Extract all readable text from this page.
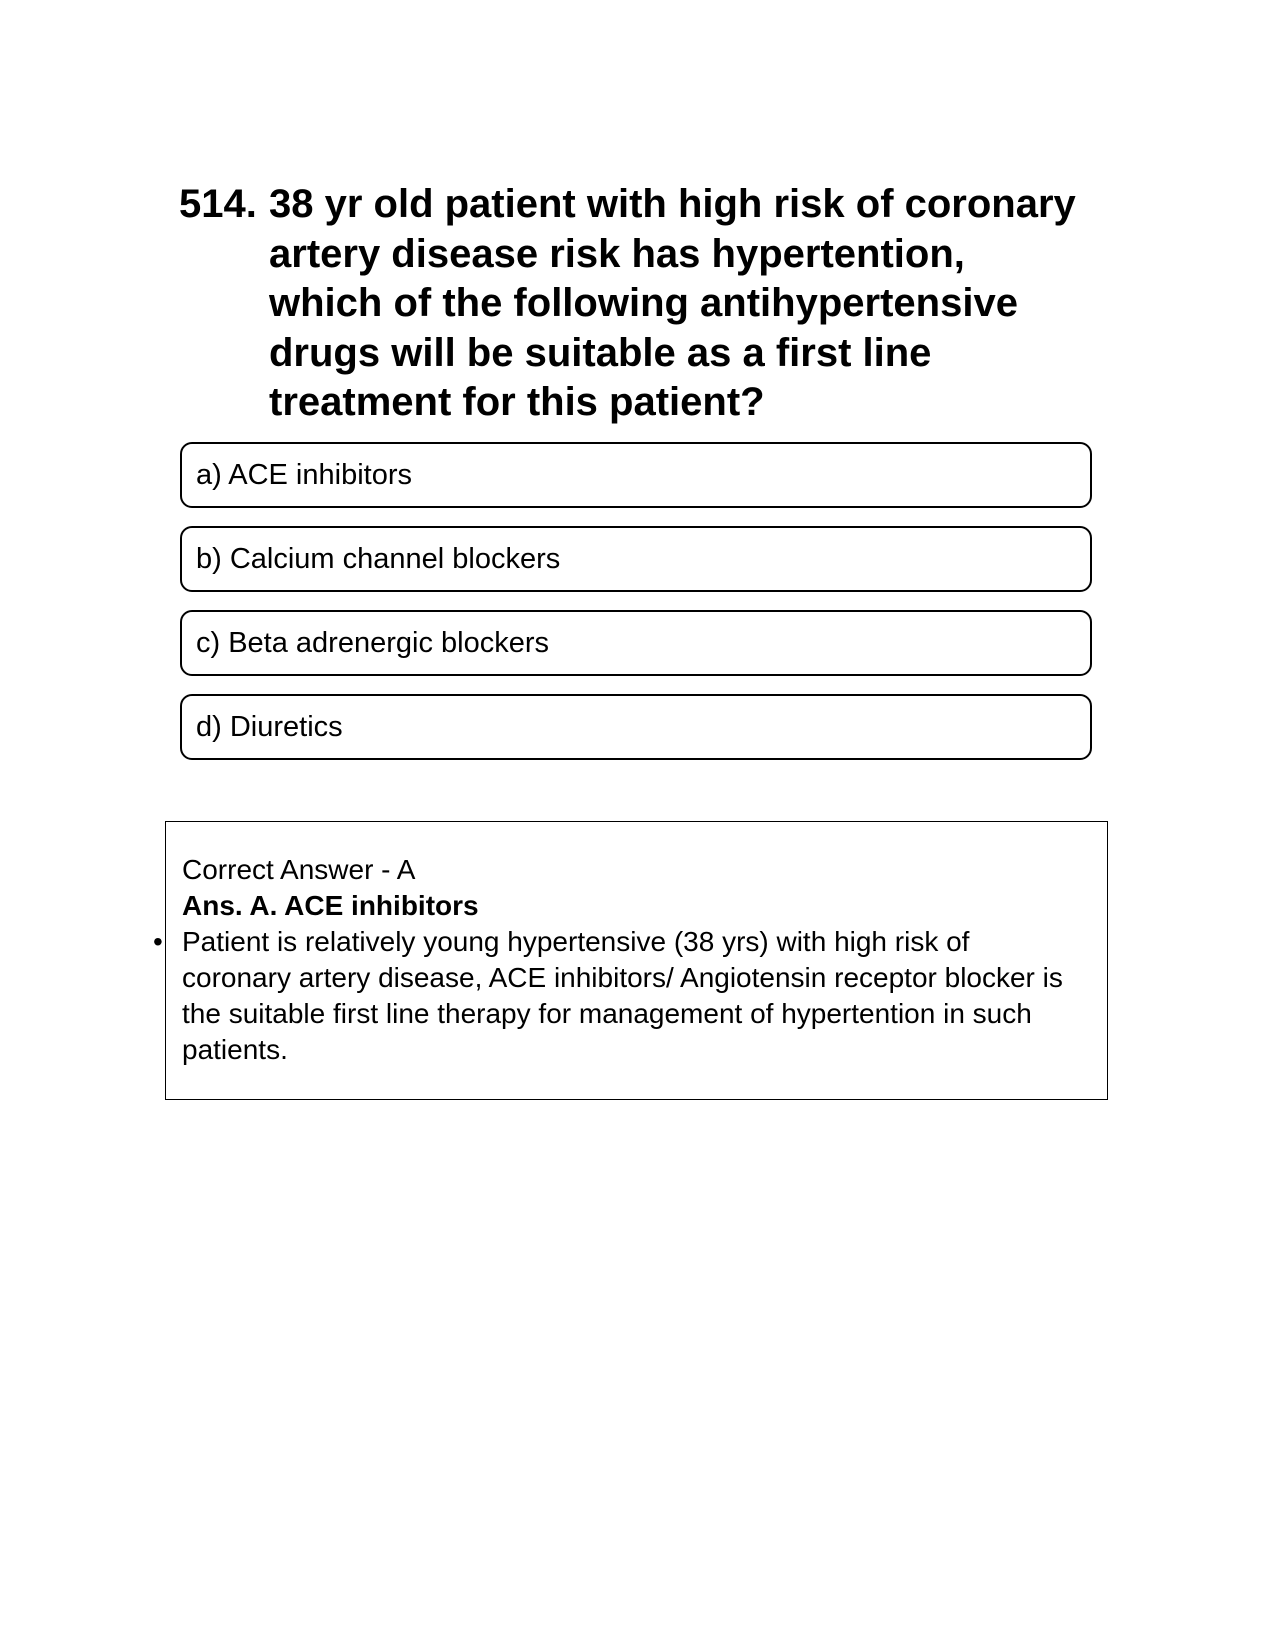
514. 38 yr old patient with high risk of coronary artery disease risk has hypertention, which of the following antihypertensive drugs will be suitable as a first line treatment for this patient?
a) ACE inhibitors
b) Calcium channel blockers
c) Beta adrenergic blockers
d) Diuretics
Correct Answer - A
Ans. A. ACE inhibitors
• Patient is relatively young hypertensive (38 yrs) with high risk of coronary artery disease, ACE inhibitors/ Angiotensin receptor blocker is the suitable first line therapy for management of hypertention in such patients.
